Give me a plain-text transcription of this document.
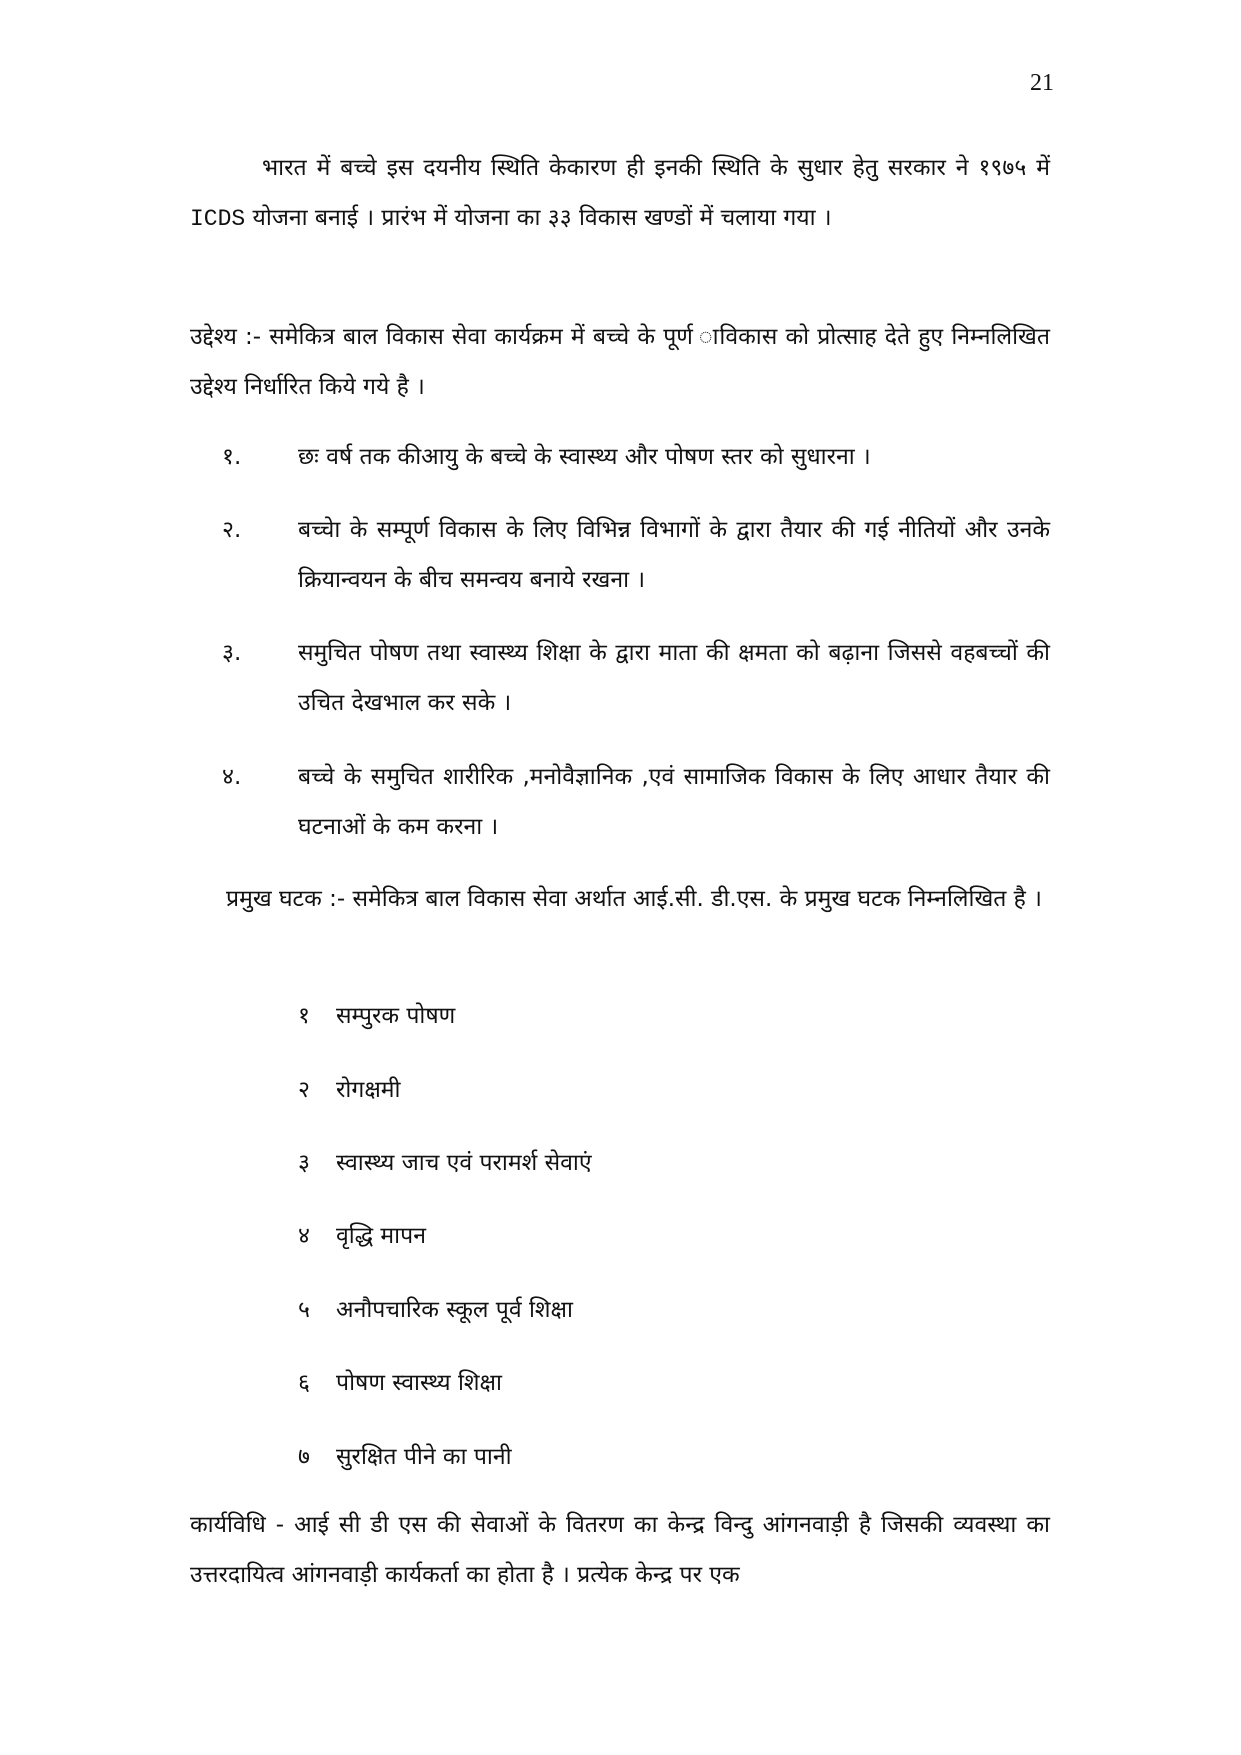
21

भारत में बच्चे इस दयनीय स्थिति केकारण ही इनकी स्थिति के सुधार हेतु सरकार ने १९७५ में ICDS योजना बनाई । प्रारंभ में योजना का ३३ विकास खण्डों में चलाया गया ।

उद्देश्य :- समेकित्र बाल विकास सेवा कार्यक्रम में बच्चे के पूर्ण ाविकास को प्रोत्साह देते हुए निम्नलिखित उद्देश्य निर्धारित किये गये है ।

१.	छः वर्ष तक कीआयु के बच्चे के स्वास्थ्य और पोषण स्तर को सुधारना ।
२.	बच्चेा के सम्पूर्ण विकास के लिए विभिन्न विभागों के द्वारा तैयार की गई नीतियों और उनके क्रियान्वयन के बीच समन्वय बनाये रखना ।
३.	समुचित पोषण तथा स्वास्थ्य शिक्षा के द्वारा माता की क्षमता को बढ़ाना जिससे वहबच्चों की उचित देखभाल कर सके ।
४.	बच्चे के समुचित शारीरिक ,मनोवैज्ञानिक ,एवं सामाजिक विकास के लिए आधार तैयार की घटनाओं के कम करना ।

प्रमुख घटक :- समेकित्र बाल विकास सेवा अर्थात आई.सी. डी.एस. के प्रमुख घटक निम्नलिखित है ।

१ सम्पुरक पोषण
२ रोगक्षमी
३ स्वास्थ्य जाच एवं परामर्श सेवाएं
४ वृद्धि मापन
५ अनौपचारिक स्कूल पूर्व शिक्षा
६ पोषण स्वास्थ्य शिक्षा
७ सुरक्षित पीने का पानी

कार्यविधि - आई सी डी एस की सेवाओं के वितरण का केन्द्र विन्दु आंगनवाड़ी है जिसकी व्यवस्था का उत्तरदायित्व आंगनवाड़ी कार्यकर्ता का होता है । प्रत्येक केन्द्र पर एक
